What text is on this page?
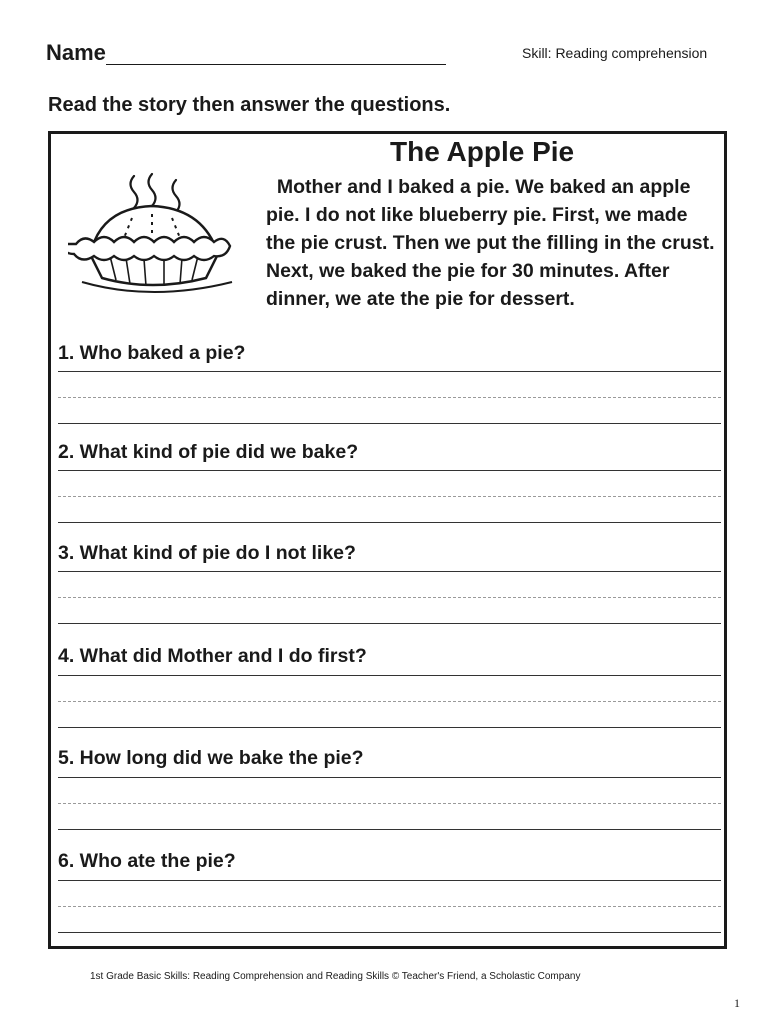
Name	Skill: Reading comprehension
Read the story then answer the questions.
The Apple Pie
Mother and I baked a pie. We baked an apple pie. I do not like blueberry pie. First, we made the pie crust. Then we put the filling in the crust. Next, we baked the pie for 30 minutes. After dinner, we ate the pie for dessert.
1. Who baked a pie?
2. What kind of pie did we bake?
3. What kind of pie do I not like?
4. What did Mother and I do first?
5. How long did we bake the pie?
6. Who ate the pie?
1st Grade Basic Skills: Reading Comprehension and Reading Skills © Teacher's Friend, a Scholastic Company
1
